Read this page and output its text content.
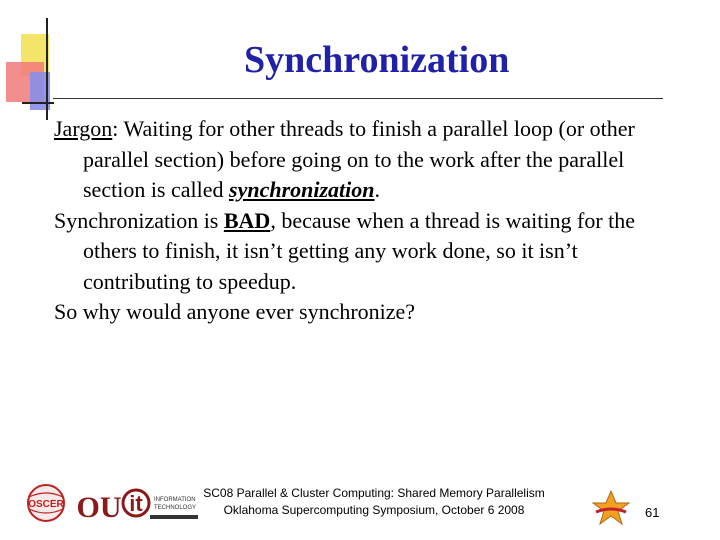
Synchronization

Jargon: Waiting for other threads to finish a parallel loop (or other parallel section) before going on to the work after the parallel section is called synchronization.

Synchronization is BAD, because when a thread is waiting for the others to finish, it isn’t getting any work done, so it isn’t contributing to speedup.

So why would anyone ever synchronize?

OSCER OU it INFORMATION
TECHNOLOGY
SC08 Parallel & Cluster Computing: Shared Memory Parallelism
Oklahoma Supercomputing Symposium, October 6 2008	61
